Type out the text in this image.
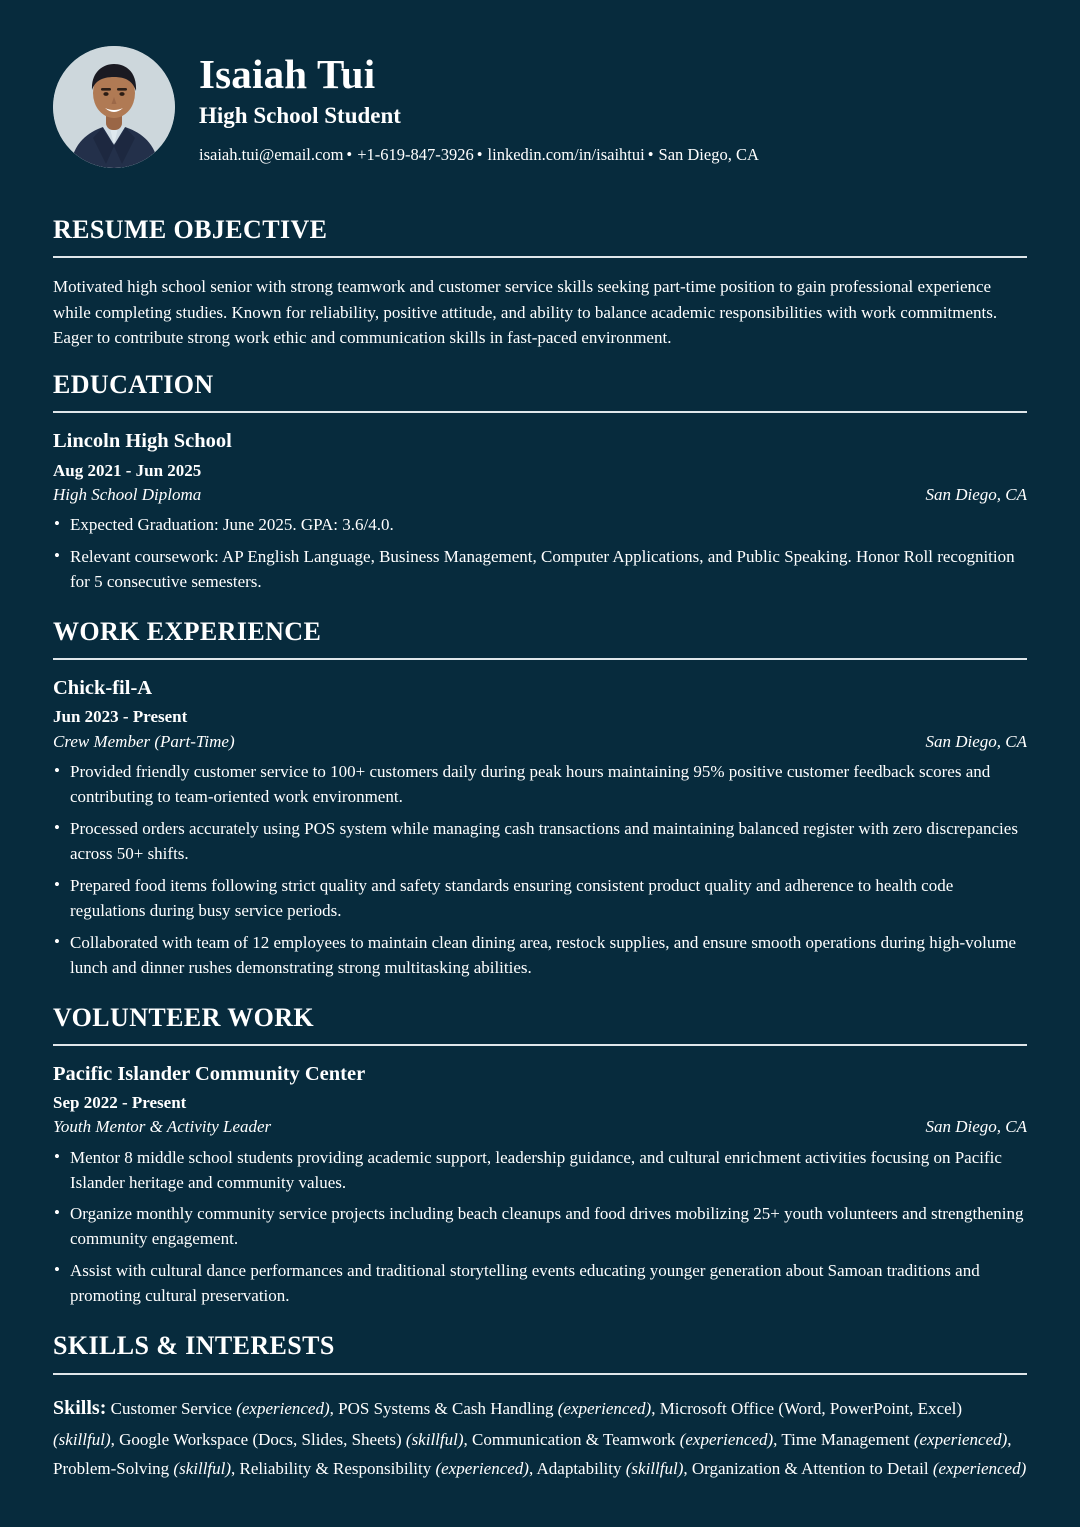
Isaiah Tui
High School Student
isaiah.tui@email.com • +1-619-847-3926 • linkedin.com/in/isaihtui • San Diego, CA
RESUME OBJECTIVE
Motivated high school senior with strong teamwork and customer service skills seeking part-time position to gain professional experience while completing studies. Known for reliability, positive attitude, and ability to balance academic responsibilities with work commitments. Eager to contribute strong work ethic and communication skills in fast-paced environment.
EDUCATION
Lincoln High School
Aug 2021 - Jun 2025
High School Diploma	San Diego, CA
• Expected Graduation: June 2025. GPA: 3.6/4.0.
• Relevant coursework: AP English Language, Business Management, Computer Applications, and Public Speaking. Honor Roll recognition for 5 consecutive semesters.
WORK EXPERIENCE
Chick-fil-A
Jun 2023 - Present
Crew Member (Part-Time)	San Diego, CA
• Provided friendly customer service to 100+ customers daily during peak hours maintaining 95% positive customer feedback scores and contributing to team-oriented work environment.
• Processed orders accurately using POS system while managing cash transactions and maintaining balanced register with zero discrepancies across 50+ shifts.
• Prepared food items following strict quality and safety standards ensuring consistent product quality and adherence to health code regulations during busy service periods.
• Collaborated with team of 12 employees to maintain clean dining area, restock supplies, and ensure smooth operations during high-volume lunch and dinner rushes demonstrating strong multitasking abilities.
VOLUNTEER WORK
Pacific Islander Community Center
Sep 2022 - Present
Youth Mentor & Activity Leader	San Diego, CA
• Mentor 8 middle school students providing academic support, leadership guidance, and cultural enrichment activities focusing on Pacific Islander heritage and community values.
• Organize monthly community service projects including beach cleanups and food drives mobilizing 25+ youth volunteers and strengthening community engagement.
• Assist with cultural dance performances and traditional storytelling events educating younger generation about Samoan traditions and promoting cultural preservation.
SKILLS & INTERESTS
Skills: Customer Service (experienced), POS Systems & Cash Handling (experienced), Microsoft Office (Word, PowerPoint, Excel) (skillful), Google Workspace (Docs, Slides, Sheets) (skillful), Communication & Teamwork (experienced), Time Management (experienced), Problem-Solving (skillful), Reliability & Responsibility (experienced), Adaptability (skillful), Organization & Attention to Detail (experienced)
